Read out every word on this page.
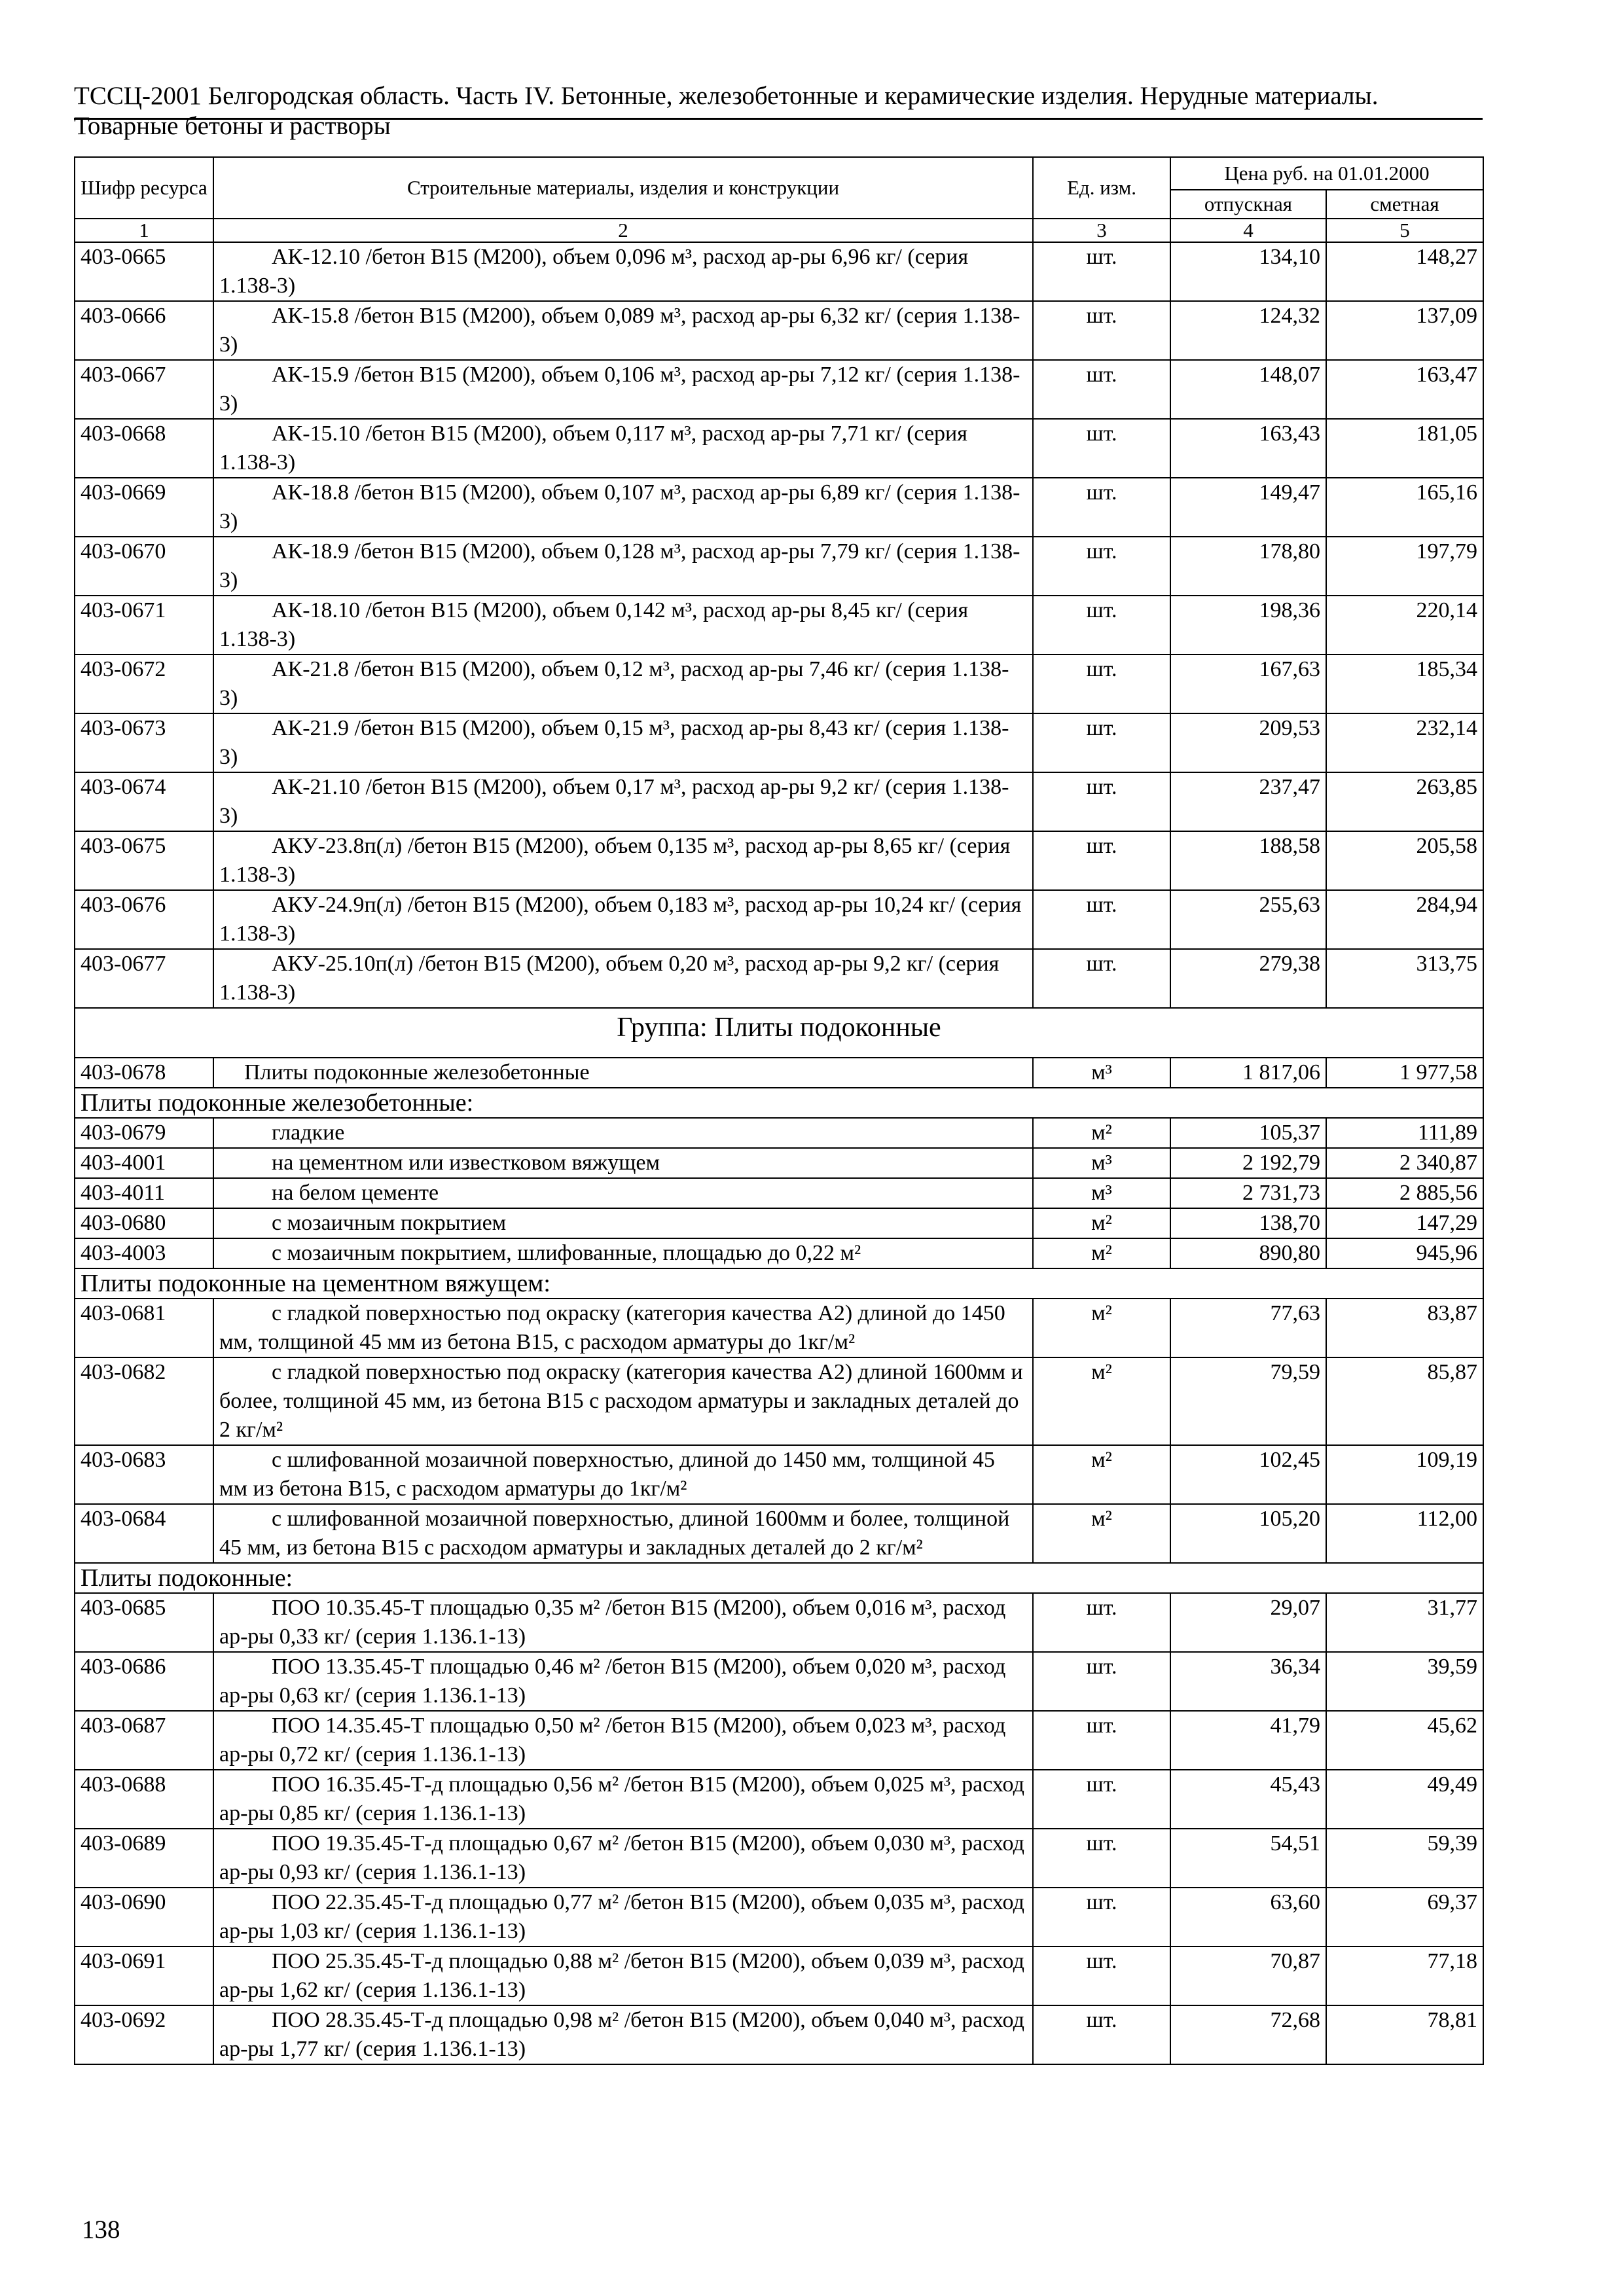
ТССЦ-2001 Белгородская область. Часть IV. Бетонные, железобетонные и керамические изделия. Нерудные материалы. Товарные бетоны и растворы
Шифр ресурса	Строительные материалы, изделия и конструкции	Ед. изм.	Цена руб. на 01.01.2000	
			отпускная	сметная
1	2	3	4	5
403-0665	АК-12.10 /бетон В15 (М200), объем 0,096 м³, расход ар-ры 6,96 кг/ (серия 1.138-3)	шт.	134,10	148,27
403-0666	АК-15.8 /бетон В15 (М200), объем 0,089 м³, расход ар-ры 6,32 кг/ (серия 1.138-3)	шт.	124,32	137,09
403-0667	АК-15.9 /бетон В15 (М200), объем 0,106 м³, расход ар-ры 7,12 кг/ (серия 1.138-3)	шт.	148,07	163,47
403-0668	АК-15.10 /бетон В15 (М200), объем 0,117 м³, расход ар-ры 7,71 кг/ (серия 1.138-3)	шт.	163,43	181,05
403-0669	АК-18.8 /бетон В15 (М200), объем 0,107 м³, расход ар-ры 6,89 кг/ (серия 1.138-3)	шт.	149,47	165,16
403-0670	АК-18.9 /бетон В15 (М200), объем 0,128 м³, расход ар-ры 7,79 кг/ (серия 1.138-3)	шт.	178,80	197,79
403-0671	АК-18.10 /бетон В15 (М200), объем 0,142 м³, расход ар-ры 8,45 кг/ (серия 1.138-3)	шт.	198,36	220,14
403-0672	АК-21.8 /бетон В15 (М200), объем 0,12 м³, расход ар-ры 7,46 кг/ (серия 1.138-3)	шт.	167,63	185,34
403-0673	АК-21.9 /бетон В15 (М200), объем 0,15 м³, расход ар-ры 8,43 кг/ (серия 1.138-3)	шт.	209,53	232,14
403-0674	АК-21.10 /бетон В15 (М200), объем 0,17 м³, расход ар-ры 9,2 кг/ (серия 1.138-3)	шт.	237,47	263,85
403-0675	АКУ-23.8п(л) /бетон В15 (М200), объем 0,135 м³, расход ар-ры 8,65 кг/ (серия 1.138-3)	шт.	188,58	205,58
403-0676	АКУ-24.9п(л) /бетон В15 (М200), объем 0,183 м³, расход ар-ры 10,24 кг/ (серия 1.138-3)	шт.	255,63	284,94
403-0677	АКУ-25.10п(л) /бетон В15 (М200), объем 0,20 м³, расход ар-ры 9,2 кг/ (серия 1.138-3)	шт.	279,38	313,75
Группа: Плиты подоконные				
403-0678	Плиты подоконные железобетонные	м³	1 817,06	1 977,58
Плиты подоконные железобетонные:				
403-0679	гладкие	м²	105,37	111,89
403-4001	на цементном или известковом вяжущем	м³	2 192,79	2 340,87
403-4011	на белом цементе	м³	2 731,73	2 885,56
403-0680	с мозаичным покрытием	м²	138,70	147,29
403-4003	с мозаичным покрытием, шлифованные, площадью до 0,22 м²	м²	890,80	945,96
Плиты подоконные на цементном вяжущем:				
403-0681	с гладкой поверхностью под окраску (категория качества А2) длиной до 1450 мм, толщиной 45 мм из бетона В15, с расходом арматуры до 1кг/м²	м²	77,63	83,87
403-0682	с гладкой поверхностью под окраску (категория качества А2) длиной 1600мм и более, толщиной 45 мм, из бетона В15 с расходом арматуры и закладных деталей до 2 кг/м²	м²	79,59	85,87
403-0683	с шлифованной мозаичной поверхностью, длиной до 1450 мм, толщиной 45 мм из бетона В15, с расходом арматуры до 1кг/м²	м²	102,45	109,19
403-0684	с шлифованной мозаичной поверхностью, длиной 1600мм и более, толщиной 45 мм, из бетона В15 с расходом арматуры и закладных деталей до 2 кг/м²	м²	105,20	112,00
Плиты подоконные:				
403-0685	ПОО 10.35.45-Т площадью 0,35 м² /бетон В15 (М200), объем 0,016 м³, расход ар-ры 0,33 кг/ (серия 1.136.1-13)	шт.	29,07	31,77
403-0686	ПОО 13.35.45-Т площадью 0,46 м² /бетон В15 (М200), объем 0,020 м³, расход ар-ры 0,63 кг/ (серия 1.136.1-13)	шт.	36,34	39,59
403-0687	ПОО 14.35.45-Т площадью 0,50 м² /бетон В15 (М200), объем 0,023 м³, расход ар-ры 0,72 кг/ (серия 1.136.1-13)	шт.	41,79	45,62
403-0688	ПОО 16.35.45-Т-д площадью 0,56 м² /бетон В15 (М200), объем 0,025 м³, расход ар-ры 0,85 кг/ (серия 1.136.1-13)	шт.	45,43	49,49
403-0689	ПОО 19.35.45-Т-д площадью 0,67 м² /бетон В15 (М200), объем 0,030 м³, расход ар-ры 0,93 кг/ (серия 1.136.1-13)	шт.	54,51	59,39
403-0690	ПОО 22.35.45-Т-д площадью 0,77 м² /бетон В15 (М200), объем 0,035 м³, расход ар-ры 1,03 кг/ (серия 1.136.1-13)	шт.	63,60	69,37
403-0691	ПОО 25.35.45-Т-д площадью 0,88 м² /бетон В15 (М200), объем 0,039 м³, расход ар-ры 1,62 кг/ (серия 1.136.1-13)	шт.	70,87	77,18
403-0692	ПОО 28.35.45-Т-д площадью 0,98 м² /бетон В15 (М200), объем 0,040 м³, расход ар-ры 1,77 кг/ (серия 1.136.1-13)	шт.	72,68	78,81
138
